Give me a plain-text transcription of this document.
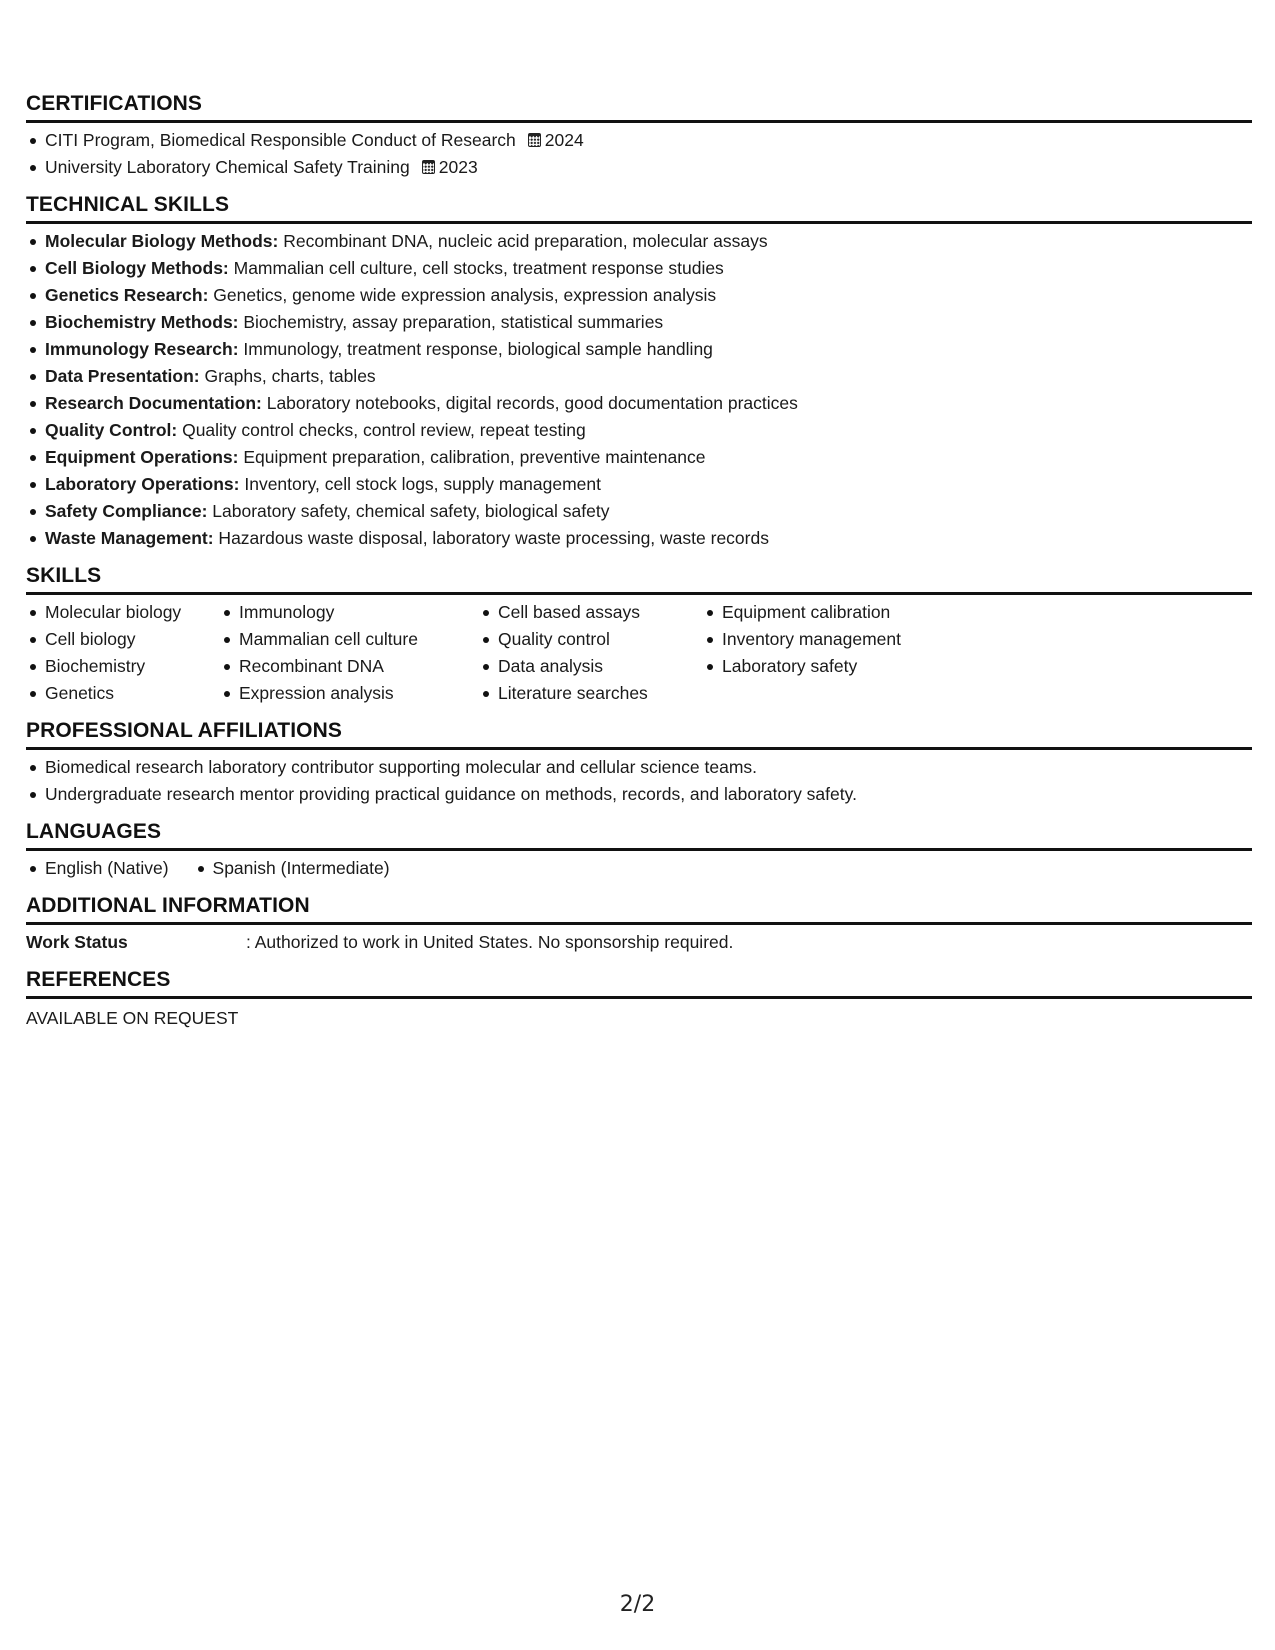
CERTIFICATIONS
CITI Program, Biomedical Responsible Conduct of Research 2024
University Laboratory Chemical Safety Training 2023
TECHNICAL SKILLS
Molecular Biology Methods: Recombinant DNA, nucleic acid preparation, molecular assays
Cell Biology Methods: Mammalian cell culture, cell stocks, treatment response studies
Genetics Research: Genetics, genome wide expression analysis, expression analysis
Biochemistry Methods: Biochemistry, assay preparation, statistical summaries
Immunology Research: Immunology, treatment response, biological sample handling
Data Presentation: Graphs, charts, tables
Research Documentation: Laboratory notebooks, digital records, good documentation practices
Quality Control: Quality control checks, control review, repeat testing
Equipment Operations: Equipment preparation, calibration, preventive maintenance
Laboratory Operations: Inventory, cell stock logs, supply management
Safety Compliance: Laboratory safety, chemical safety, biological safety
Waste Management: Hazardous waste disposal, laboratory waste processing, waste records
SKILLS
Molecular biology
Cell biology
Biochemistry
Genetics
Immunology
Mammalian cell culture
Recombinant DNA
Expression analysis
Cell based assays
Quality control
Data analysis
Literature searches
Equipment calibration
Inventory management
Laboratory safety
PROFESSIONAL AFFILIATIONS
Biomedical research laboratory contributor supporting molecular and cellular science teams.
Undergraduate research mentor providing practical guidance on methods, records, and laboratory safety.
LANGUAGES
English (Native)	Spanish (Intermediate)
ADDITIONAL INFORMATION
Work Status	: Authorized to work in United States. No sponsorship required.
REFERENCES
AVAILABLE ON REQUEST
2/2
